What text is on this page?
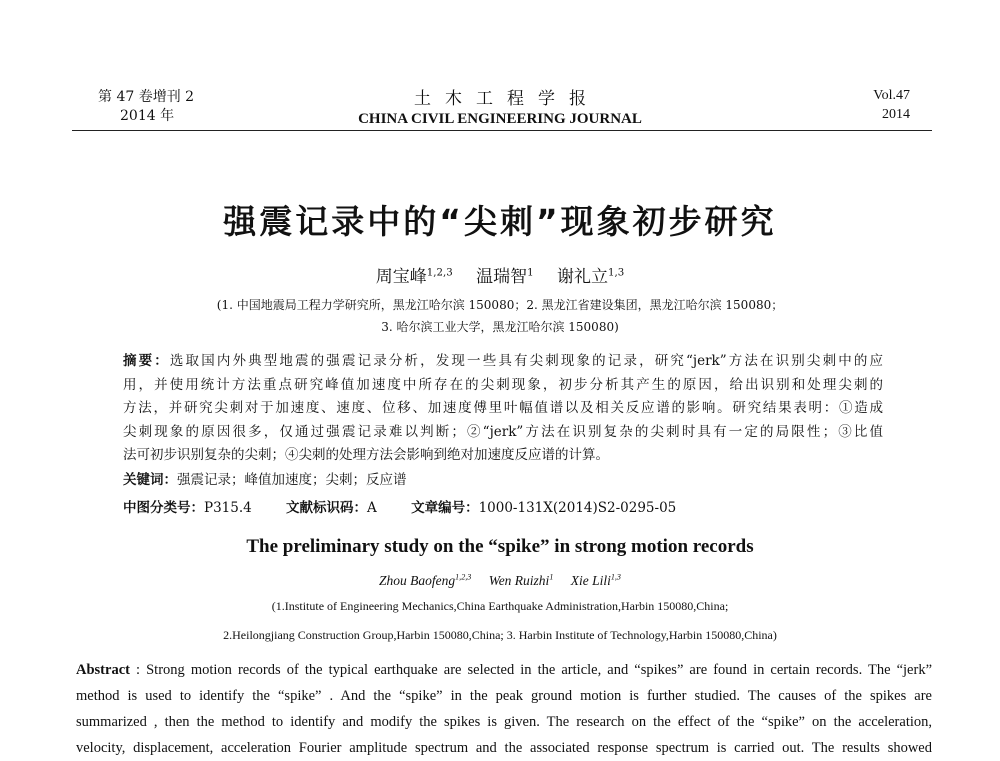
第 47 卷增刊 2
2014 年
土木工程学报
CHINA CIVIL ENGINEERING JOURNAL
Vol.47
2014
强震记录中的“尖刺”现象初步研究
周宝峰$^{1,2,3}$ 温瑞智$^1$ 谢礼立$^{1,3}$
(1. 中国地震局工程力学研究所，黑龙江哈尔滨 150080；2. 黑龙江省建设集团，黑龙江哈尔滨 150080；
3. 哈尔滨工业大学，黑龙江哈尔滨 150080)
摘要：选取国内外典型地震的强震记录分析，发现一些具有尖刺现象的记录，研究“jerk”方法在识别尖刺中的应
用，并使用统计方法重点研究峰值加速度中所存在的尖刺现象，初步分析其产生的原因，给出识别和处理尖刺的
方法，并研究尖刺对于加速度、速度、位移、加速度傅里叶幅值谱以及相关反应谱的影响。研究结果表明：①造成
尖刺现象的原因很多，仅通过强震记录难以判断；②“jerk”方法在识别复杂的尖刺时具有一定的局限性；③比值
法可初步识别复杂的尖刺；④尖刺的处理方法会影响到绝对加速度反应谱的计算。
关键词：强震记录；峰值加速度；尖刺；反应谱
中图分类号：P315.4	文献标识码：A	文章编号：1000-131X(2014)S2-0295-05
The preliminary study on the “spike” in strong motion records
Zhou Baofeng$^{1,2,3}$ Wen Ruizhi$^1$ Xie Lili$^{1,3}$
(1.Institute of Engineering Mechanics,China Earthquake Administration,Harbin 150080,China;
2.Heilongjiang Construction Group,Harbin 150080,China; 3. Harbin Institute of Technology,Harbin 150080,China)
Abstract : Strong motion records of the typical earthquake are selected in the article, and “spikes” are found in certain records. The “jerk”
method is used to identify the “spike” . And the “spike” in the peak ground motion is further studied. The causes of the spikes are
summarized , then the method to identify and modify the spikes is given. The research on the effect of the “spike” on the acceleration,
velocity, displacement, acceleration Fourier amplitude spectrum and the associated response spectrum is carried out. The results showed
